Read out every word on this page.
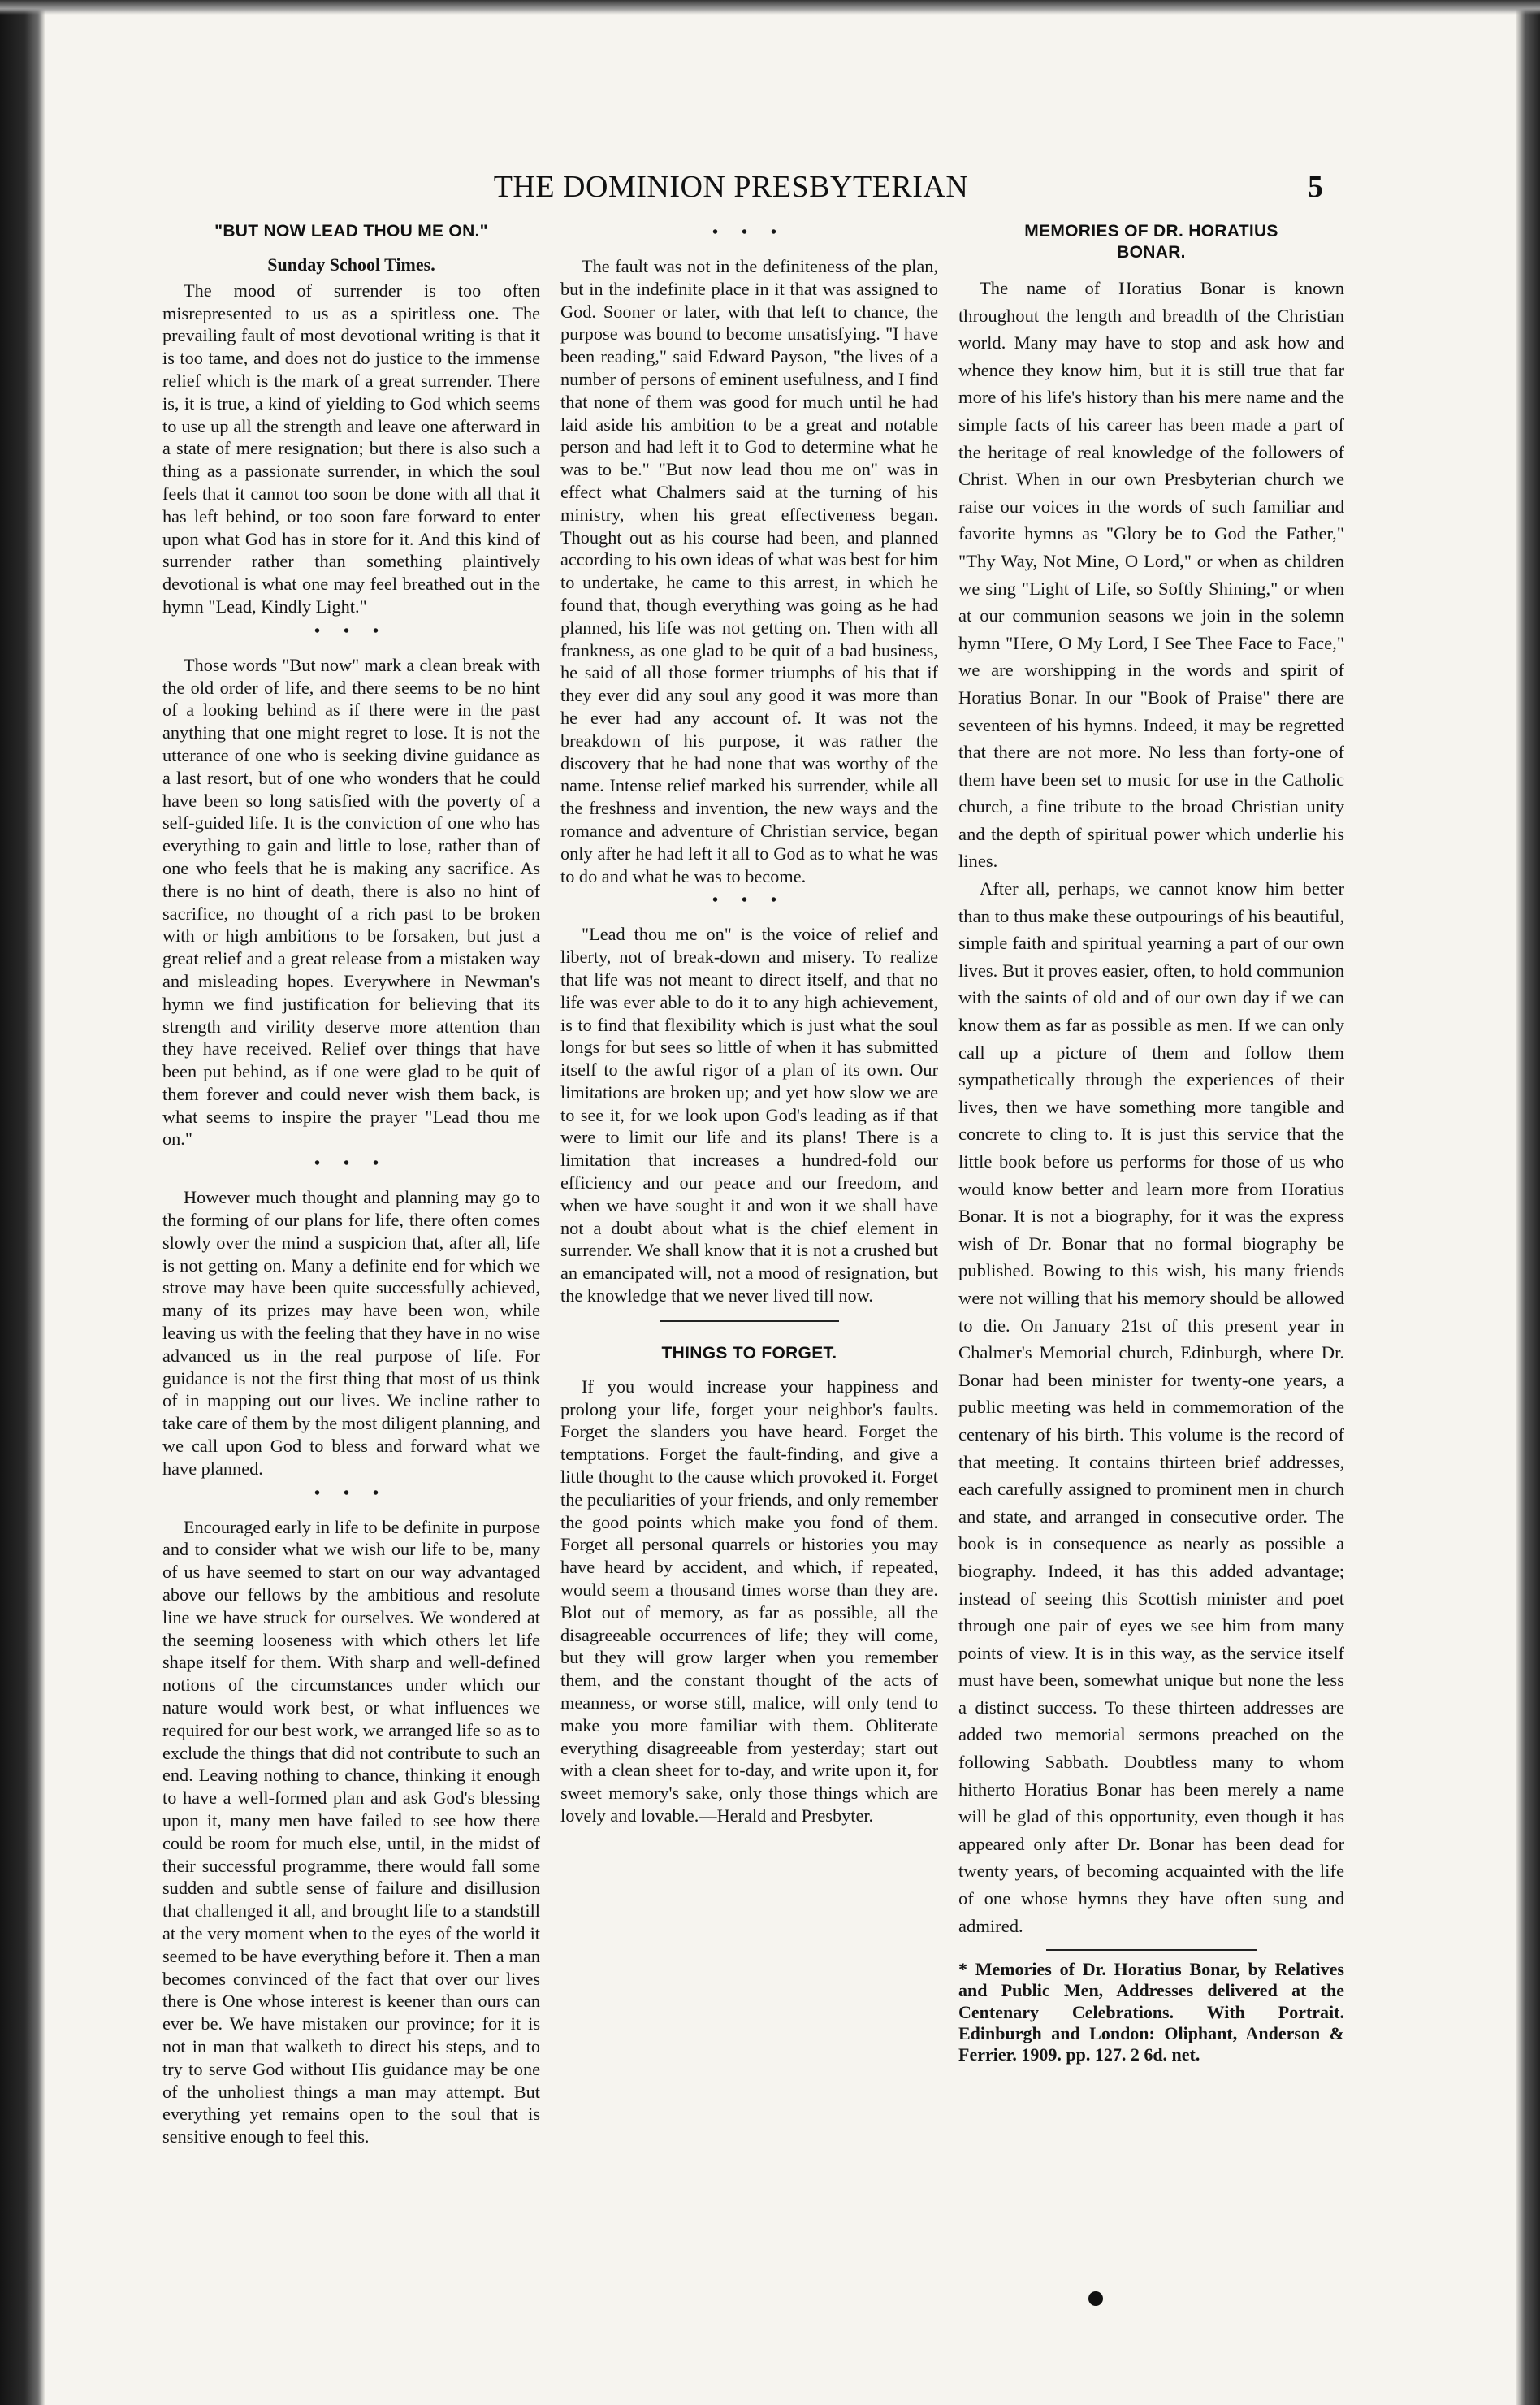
THE DOMINION PRESBYTERIAN	5
"BUT NOW LEAD THOU ME ON."
Sunday School Times.

The mood of surrender is too often misrepresented to us as a spiritless one. The prevailing fault of most devotional writing is that it is too tame, and does not do justice to the immense relief which is the mark of a great surrender. There is, it is true, a kind of yielding to God which seems to use up all the strength and leave one afterward in a state of mere resignation; but there is also such a thing as a passionate surrender, in which the soul feels that it cannot too soon be done with all that it has left behind, or too soon fare forward to enter upon what God has in store for it. And this kind of surrender rather than something plaintively devotional is what one may feel breathed out in the hymn "Lead, Kindly Light."

• • •

Those words "But now" mark a clean break with the old order of life, and there seems to be no hint of a looking behind as if there were in the past anything that one might regret to lose. It is not the utterance of one who is seeking divine guidance as a last resort, but of one who wonders that he could have been so long satisfied with the poverty of a self-guided life. It is the conviction of one who has everything to gain and little to lose, rather than of one who feels that he is making any sacrifice. As there is no hint of death, there is also no hint of sacrifice, no thought of a rich past to be broken with or high ambitions to be forsaken, but just a great relief and a great release from a mistaken way and misleading hopes. Everywhere in Newman's hymn we find justification for believing that its strength and virility deserve more attention than they have received. Relief over things that have been put behind, as if one were glad to be quit of them forever and could never wish them back, is what seems to inspire the prayer "Lead thou me on."

• • •

However much thought and planning may go to the forming of our plans for life, there often comes slowly over the mind a suspicion that, after all, life is not getting on. Many a definite end for which we strove may have been quite successfully achieved, many of its prizes may have been won, while leaving us with the feeling that they have in no wise advanced us in the real purpose of life. For guidance is not the first thing that most of us think of in mapping out our lives. We incline rather to take care of them by the most diligent planning, and we call upon God to bless and forward what we have planned.

• • •

Encouraged early in life to be definite in purpose and to consider what we wish our life to be, many of us have seemed to start on our way advantaged above our fellows by the ambitious and resolute line we have struck for ourselves. We wondered at the seeming looseness with which others let life shape itself for them. With sharp and well-defined notions of the circumstances under which our nature would work best, or what influences we required for our best work, we arranged life so as to exclude the things that did not contribute to such an end. Leaving nothing to chance, thinking it enough to have a well-formed plan and ask God's blessing upon it, many men have failed to see how there could be room for much else, until, in the midst of their successful programme, there would fall some sudden and subtle sense of failure and disillusion that challenged it all, and brought life to a standstill at the very moment when to the eyes of the world it seemed to be have everything before it. Then a man becomes convinced of the fact that over our lives there is One whose interest is keener than ours can ever be. We have mistaken our province; for it is not in man that walketh to direct his steps, and to try to serve God without His guidance may be one of the unholiest things a man may attempt. But everything yet remains open to the soul that is sensitive enough to feel this.

• • •

The fault was not in the definiteness of the plan, but in the indefinite place in it that was assigned to God. Sooner or later, with that left to chance, the purpose was bound to become unsatisfying. "I have been reading," said Edward Payson, "the lives of a number of persons of eminent usefulness, and I find that none of them was good for much until he had laid aside his ambition to be a great and notable person and had left it to God to determine what he was to be." "But now lead thou me on" was in effect what Chalmers said at the turning of his ministry, when his great effectiveness began. Thought out as his course had been, and planned according to his own ideas of what was best for him to undertake, he came to this arrest, in which he found that, though everything was going as he had planned, his life was not getting on. Then with all frankness, as one glad to be quit of a bad business, he said of all those former triumphs of his that if they ever did any soul any good it was more than he ever had any account of. It was not the breakdown of his purpose, it was rather the discovery that he had none that was worthy of the name. Intense relief marked his surrender, while all the freshness and invention, the new ways and the romance and adventure of Christian service, began only after he had left it all to God as to what he was to do and what he was to become.

• • •

"Lead thou me on" is the voice of relief and liberty, not of break-down and misery. To realize that life was not meant to direct itself, and that no life was ever able to do it to any high achievement, is to find that flexibility which is just what the soul longs for but sees so little of when it has submitted itself to the awful rigor of a plan of its own. Our limitations are broken up; and yet how slow we are to see it, for we look upon God's leading as if that were to limit our life and its plans! There is a limitation that increases a hundred-fold our efficiency and our peace and our freedom, and when we have sought it and won it we shall have not a doubt about what is the chief element in surrender. We shall know that it is not a crushed but an emancipated will, not a mood of resignation, but the knowledge that we never lived till now.

THINGS TO FORGET.

If you would increase your happiness and prolong your life, forget your neighbor's faults. Forget the slanders you have heard. Forget the temptations. Forget the fault-finding, and give a little thought to the cause which provoked it. Forget the peculiarities of your friends, and only remember the good points which make you fond of them. Forget all personal quarrels or histories you may have heard by accident, and which, if repeated, would seem a thousand times worse than they are. Blot out of memory, as far as possible, all the disagreeable occurrences of life; they will come, but they will grow larger when you remember them, and the constant thought of the acts of meanness, or worse still, malice, will only tend to make you more familiar with them. Obliterate everything disagreeable from yesterday; start out with a clean sheet for to-day, and write upon it, for sweet memory's sake, only those things which are lovely and lovable.—Herald and Presbyter.

MEMORIES OF DR. HORATIUS
BONAR.

The name of Horatius Bonar is known throughout the length and breadth of the Christian world. Many may have to stop and ask how and whence they know him, but it is still true that far more of his life's history than his mere name and the simple facts of his career has been made a part of the heritage of real knowledge of the followers of Christ. When in our own Presbyterian church we raise our voices in the words of such familiar and favorite hymns as "Glory be to God the Father," "Thy Way, Not Mine, O Lord," or when as children we sing "Light of Life, so Softly Shining," or when at our communion seasons we join in the solemn hymn "Here, O My Lord, I See Thee Face to Face," we are worshipping in the words and spirit of Horatius Bonar. In our "Book of Praise" there are seventeen of his hymns. Indeed, it may be regretted that there are not more. No less than forty-one of them have been set to music for use in the Catholic church, a fine tribute to the broad Christian unity and the depth of spiritual power which underlie his lines.

After all, perhaps, we cannot know him better than to thus make these outpourings of his beautiful, simple faith and spiritual yearning a part of our own lives. But it proves easier, often, to hold communion with the saints of old and of our own day if we can know them as far as possible as men. If we can only call up a picture of them and follow them sympathetically through the experiences of their lives, then we have something more tangible and concrete to cling to. It is just this service that the little book before us performs for those of us who would know better and learn more from Horatius Bonar. It is not a biography, for it was the express wish of Dr. Bonar that no formal biography be published. Bowing to this wish, his many friends were not willing that his memory should be allowed to die. On January 21st of this present year in Chalmer's Memorial church, Edinburgh, where Dr. Bonar had been minister for twenty-one years, a public meeting was held in commemoration of the centenary of his birth. This volume is the record of that meeting. It contains thirteen brief addresses, each carefully assigned to prominent men in church and state, and arranged in consecutive order. The book is in consequence as nearly as possible a biography. Indeed, it has this added advantage; instead of seeing this Scottish minister and poet through one pair of eyes we see him from many points of view. It is in this way, as the service itself must have been, somewhat unique but none the less a distinct success. To these thirteen addresses are added two memorial sermons preached on the following Sabbath. Doubtless many to whom hitherto Horatius Bonar has been merely a name will be glad of this opportunity, even though it has appeared only after Dr. Bonar has been dead for twenty years, of becoming acquainted with the life of one whose hymns they have often sung and admired.

* Memories of Dr. Horatius Bonar, by Relatives and Public Men, Addresses delivered at the Centenary Celebrations. With Portrait. Edinburgh and London: Oliphant, Anderson & Ferrier. 1909. pp. 127. 2 6d. net.
